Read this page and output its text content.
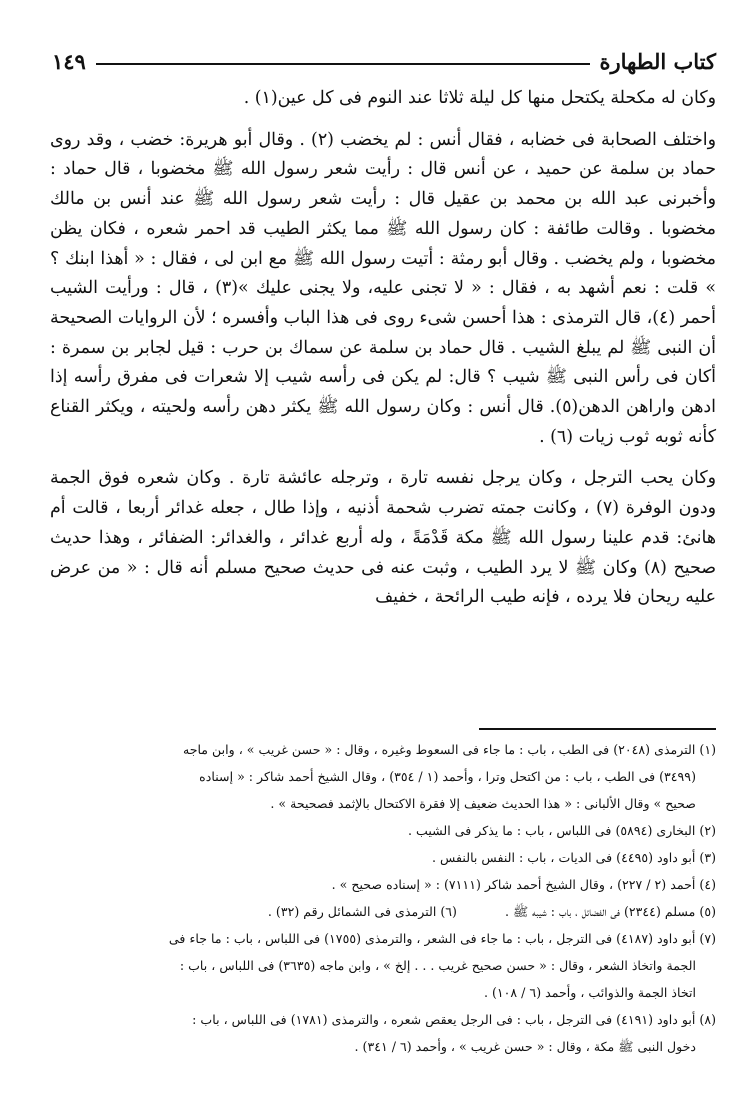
كتاب الطهارة
١٤٩

وكان له مكحلة يكتحل منها كل ليلة ثلاثا عند النوم فى كل عين(١) .

واختلف الصحابة فى خضابه ، فقال أنس : لم يخضب (٢) . وقال أبو هريرة: خضب ، وقد روى حماد بن سلمة عن حميد ، عن أنس قال : رأيت شعر رسول الله ﷺ مخضوبا ، قال حماد : وأخبرنى عبد الله بن محمد بن عقيل قال : رأيت شعر رسول الله ﷺ عند أنس بن مالك مخضوبا . وقالت طائفة : كان رسول الله ﷺ مما يكثر الطيب قد احمر شعره ، فكان يظن مخضوبا ، ولم يخضب . وقال أبو رمثة : أتيت رسول الله ﷺ مع ابن لى ، فقال : « أهذا ابنك ؟ » قلت : نعم أشهد به ، فقال : « لا تجنى عليه، ولا يجنى عليك »(٣) ، قال : ورأيت الشيب أحمر (٤)، قال الترمذى : هذا أحسن شىء روى فى هذا الباب وأفسره ؛ لأن الروايات الصحيحة أن النبى ﷺ لم يبلغ الشيب . قال حماد بن سلمة عن سماك بن حرب : قيل لجابر بن سمرة : أكان فى رأس النبى ﷺ شيب ؟ قال: لم يكن فى رأسه شيب إلا شعرات فى مفرق رأسه إذا ادهن واراهن الدهن(٥). قال أنس : وكان رسول الله ﷺ يكثر دهن رأسه ولحيته ، ويكثر القناع كأنه ثوبه ثوب زيات (٦) .

وكان يحب الترجل ، وكان يرجل نفسه تارة ، وترجله عائشة تارة . وكان شعره فوق الجمة ودون الوفرة (٧) ، وكانت جمته تضرب شحمة أذنيه ، وإذا طال ، جعله غدائر أربعا ، قالت أم هانئ: قدم علينا رسول الله ﷺ مكة قَدْمَةً ، وله أربع غدائر ، والغدائر: الضفائر ، وهذا حديث صحيح (٨) وكان ﷺ لا يرد الطيب ، وثبت عنه فى حديث صحيح مسلم أنه قال : « من عرض عليه ريحان فلا يرده ، فإنه طيب الرائحة ، خفيف

(١) الترمذى (٢٠٤٨) فى الطب ، باب : ما جاء فى السعوط وغيره ، وقال : « حسن غريب » ، وابن ماجه

(٣٤٩٩) فى الطب ، باب : من اكتحل وترا ، وأحمد (١ / ٣٥٤) ، وقال الشيخ أحمد شاكر : « إسناده

صحيح » وقال الألبانى : « هذا الحديث ضعيف إلا فقرة الاكتحال بالإثمد فصحيحة » .

(٢) البخارى (٥٨٩٤) فى اللباس ، باب : ما يذكر فى الشيب .

(٣) أبو داود (٤٤٩٥) فى الديات ، باب : النفس بالنفس .

(٤) أحمد (٢ / ٢٢٧) ، وقال الشيخ أحمد شاكر (٧١١١) : « إسناده صحيح » .

(٥) مسلم (٢٣٤٤) فى الفضائل ، باب : شيبه ﷺ .
(٦) الترمذى فى الشمائل رقم (٣٢) .

(٧) أبو داود (٤١٨٧) فى الترجل ، باب : ما جاء فى الشعر ، والترمذى (١٧٥٥) فى اللباس ، باب : ما جاء فى

الجمة واتخاذ الشعر ، وقال : « حسن صحيح غريب . . . إلخ » ، وابن ماجه (٣٦٣٥) فى اللباس ، باب :

اتخاذ الجمة والذوائب ، وأحمد (٦ / ١٠٨) .

(٨) أبو داود (٤١٩١) فى الترجل ، باب : فى الرجل يعقص شعره ، والترمذى (١٧٨١) فى اللباس ، باب :

دخول النبى ﷺ مكة ، وقال : « حسن غريب » ، وأحمد (٦ / ٣٤١) .
